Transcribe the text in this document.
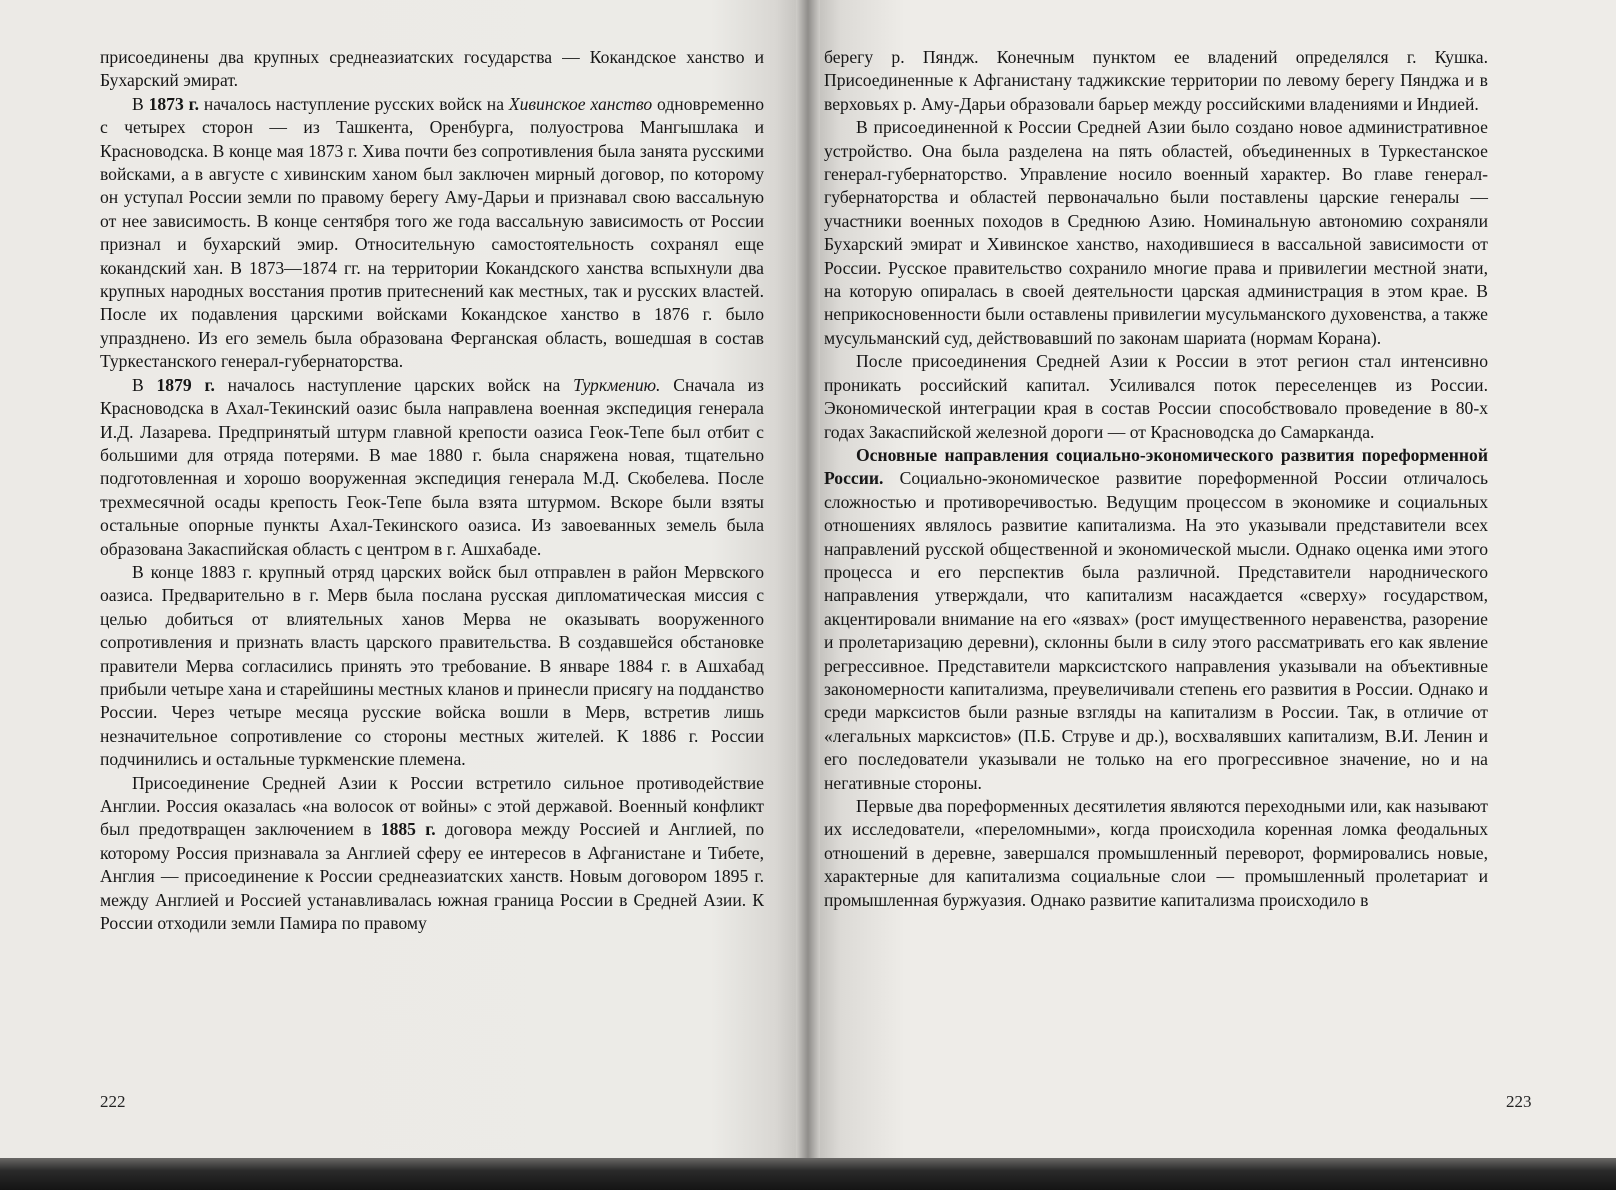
присоединены два крупных среднеазиатских государства — Кокандское ханство и Бухарский эмират.

В 1873 г. началось наступление русских войск на Хивинское ханство одновременно с четырех сторон — из Ташкента, Оренбурга, полуострова Мангышлака и Красноводска. В конце мая 1873 г. Хива почти без сопротивления была занята русскими войсками, а в августе с хивинским ханом был заключен мирный договор, по которому он уступал России земли по правому берегу Аму-Дарьи и признавал свою вассальную от нее зависимость. В конце сентября того же года вассальную зависимость от России признал и бухарский эмир. Относительную самостоятельность сохранял еще кокандский хан. В 1873—1874 гг. на территории Кокандского ханства вспыхнули два крупных народных восстания против притеснений как местных, так и русских властей. После их подавления царскими войсками Кокандское ханство в 1876 г. было упразднено. Из его земель была образована Ферганская область, вошедшая в состав Туркестанского генерал-губернаторства.

В 1879 г. началось наступление царских войск на Туркмению. Сначала из Красноводска в Ахал-Текинский оазис была направлена военная экспедиция генерала И.Д. Лазарева. Предпринятый штурм главной крепости оазиса Геок-Тепе был отбит с большими для отряда потерями. В мае 1880 г. была снаряжена новая, тщательно подготовленная и хорошо вооруженная экспедиция генерала М.Д. Скобелева. После трехмесячной осады крепость Геок-Тепе была взята штурмом. Вскоре были взяты остальные опорные пункты Ахал-Текинского оазиса. Из завоеванных земель была образована Закаспийская область с центром в г. Ашхабаде.

В конце 1883 г. крупный отряд царских войск был отправлен в район Мервского оазиса. Предварительно в г. Мерв была послана русская дипломатическая миссия с целью добиться от влиятельных ханов Мерва не оказывать вооруженного сопротивления и признать власть царского правительства. В создавшейся обстановке правители Мерва согласились принять это требование. В январе 1884 г. в Ашхабад прибыли четыре хана и старейшины местных кланов и принесли присягу на подданство России. Через четыре месяца русские войска вошли в Мерв, встретив лишь незначительное сопротивление со стороны местных жителей. К 1886 г. России подчинились и остальные туркменские племена.

Присоединение Средней Азии к России встретило сильное противодействие Англии. Россия оказалась «на волосок от войны» с этой державой. Военный конфликт был предотвращен заключением в 1885 г. договора между Россией и Англией, по которому Россия признавала за Англией сферу ее интересов в Афганистане и Тибете, Англия — присоединение к России среднеазиатских ханств. Новым договором 1895 г. между Англией и Россией устанавливалась южная граница России в Средней Азии. К России отходили земли Памира по правому

берегу р. Пяндж. Конечным пунктом ее владений определялся г. Кушка. Присоединенные к Афганистану таджикские территории по левому берегу Пянджа и в верховьях р. Аму-Дарьи образовали барьер между российскими владениями и Индией.

В присоединенной к России Средней Азии было создано новое административное устройство. Она была разделена на пять областей, объединенных в Туркестанское генерал-губернаторство. Управление носило военный характер. Во главе генерал-губернаторства и областей первоначально были поставлены царские генералы — участники военных походов в Среднюю Азию. Номинальную автономию сохраняли Бухарский эмират и Хивинское ханство, находившиеся в вассальной зависимости от России. Русское правительство сохранило многие права и привилегии местной знати, на которую опиралась в своей деятельности царская администрация в этом крае. В неприкосновенности были оставлены привилегии мусульманского духовенства, а также мусульманский суд, действовавший по законам шариата (нормам Корана).

После присоединения Средней Азии к России в этот регион стал интенсивно проникать российский капитал. Усиливался поток переселенцев из России. Экономической интеграции края в состав России способствовало проведение в 80-х годах Закаспийской железной дороги — от Красноводска до Самарканда.

Основные направления социально-экономического развития пореформенной России. Социально-экономическое развитие пореформенной России отличалось сложностью и противоречивостью. Ведущим процессом в экономике и социальных отношениях являлось развитие капитализма. На это указывали представители всех направлений русской общественной и экономической мысли. Однако оценка ими этого процесса и его перспектив была различной. Представители народнического направления утверждали, что капитализм насаждается «сверху» государством, акцентировали внимание на его «язвах» (рост имущественного неравенства, разорение и пролетаризацию деревни), склонны были в силу этого рассматривать его как явление регрессивное. Представители марксистского направления указывали на объективные закономерности капитализма, преувеличивали степень его развития в России. Однако и среди марксистов были разные взгляды на капитализм в России. Так, в отличие от «легальных марксистов» (П.Б. Струве и др.), восхвалявших капитализм, В.И. Ленин и его последователи указывали не только на его прогрессивное значение, но и на негативные стороны.

Первые два пореформенных десятилетия являются переходными или, как называют их исследователи, «переломными», когда происходила коренная ломка феодальных отношений в деревне, завершался промышленный переворот, формировались новые, характерные для капитализма социальные слои — промышленный пролетариат и промышленная буржуазия. Однако развитие капитализма происходило в

222	223
